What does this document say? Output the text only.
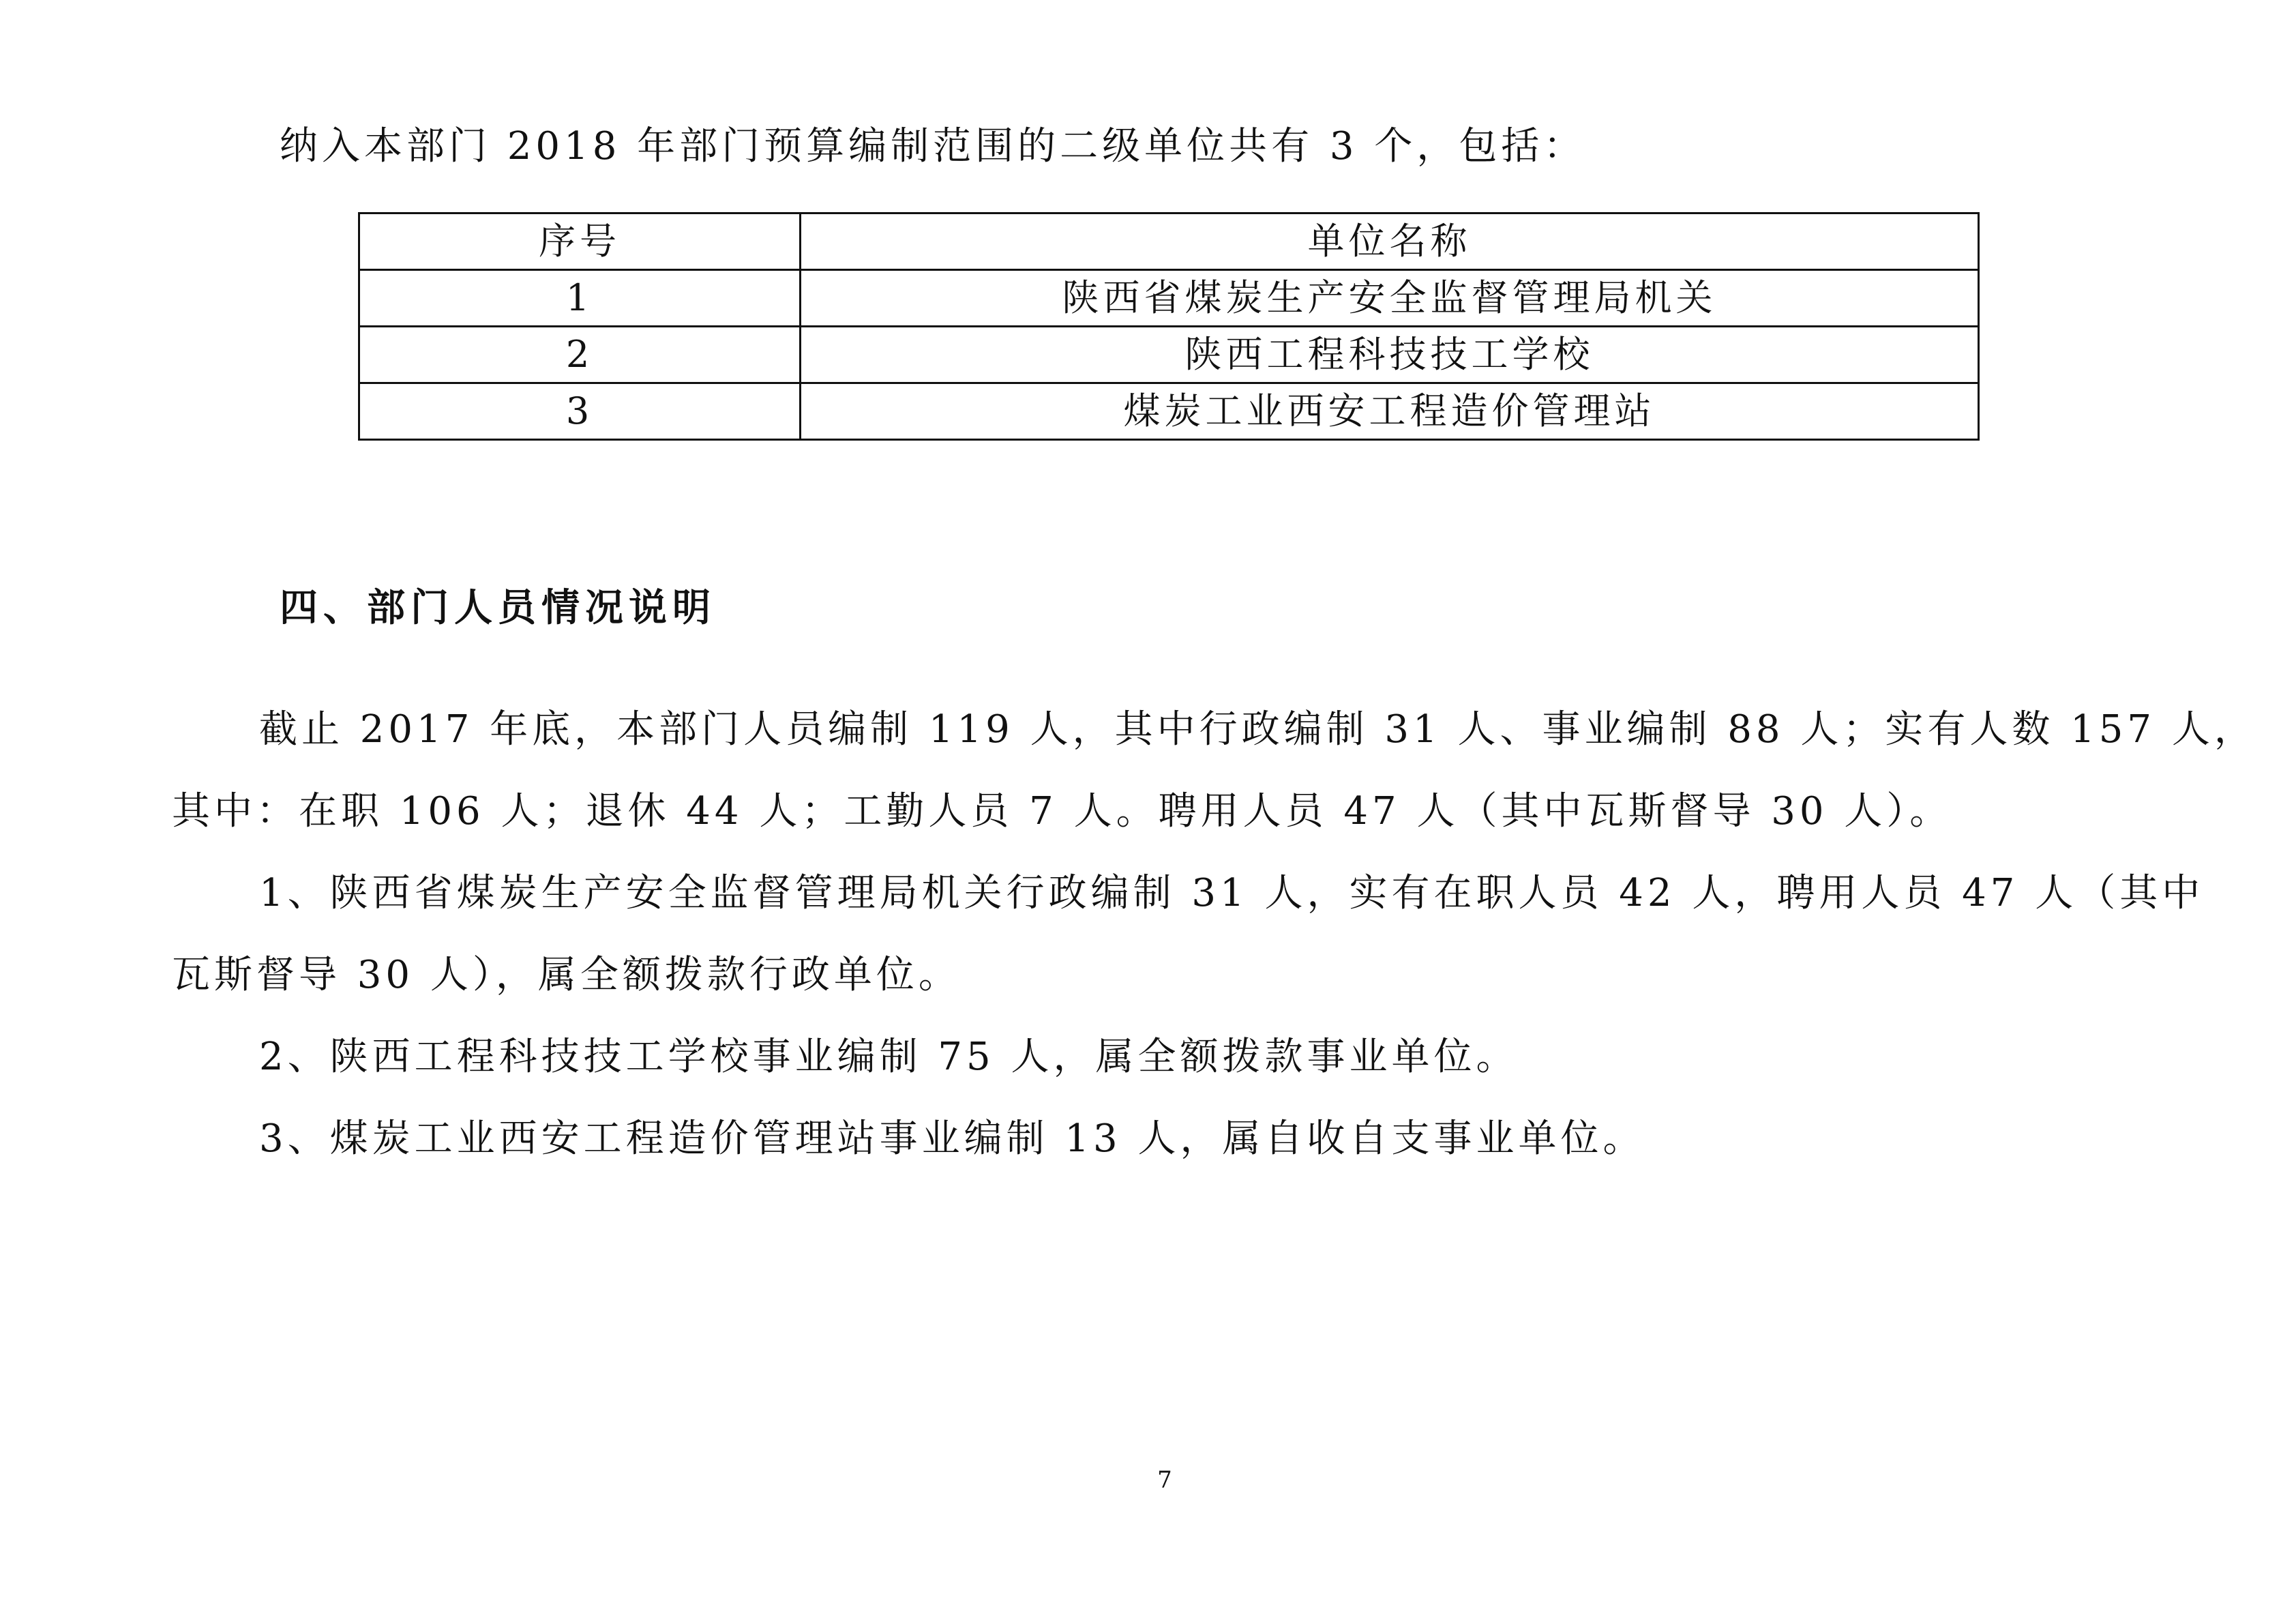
纳入本部门 2018 年部门预算编制范围的二级单位共有 3 个，包括：

序号	单位名称
1	陕西省煤炭生产安全监督管理局机关
2	陕西工程科技技工学校
3	煤炭工业西安工程造价管理站
四、部门人员情况说明

截止 2017 年底，本部门人员编制 119 人，其中行政编制 31 人、事业编制 88 人；实有人数 157 人，

其中：在职 106 人；退休 44 人；工勤人员 7 人。聘用人员 47 人（其中瓦斯督导 30 人）。

1、陕西省煤炭生产安全监督管理局机关行政编制 31 人，实有在职人员 42 人，聘用人员 47 人（其中

瓦斯督导 30 人），属全额拨款行政单位。

2、陕西工程科技技工学校事业编制 75 人，属全额拨款事业单位。

3、煤炭工业西安工程造价管理站事业编制 13 人，属自收自支事业单位。

7
